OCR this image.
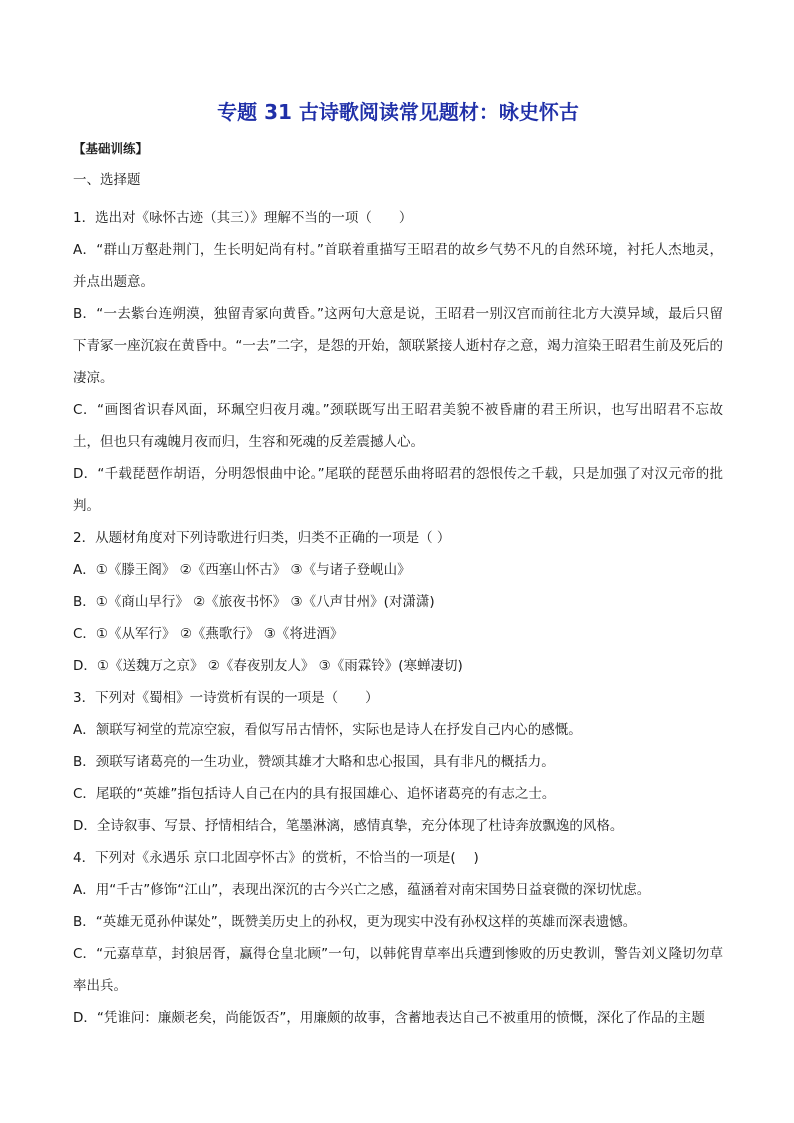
专题 31 古诗歌阅读常见题材：咏史怀古
【基础训练】
一、选择题

1．选出对《咏怀古迹（其三）》理解不当的一项（　　）

A．“群山万壑赴荆门，生长明妃尚有村。”首联着重描写王昭君的故乡气势不凡的自然环境，衬托人杰地灵，并点出题意。

B．“一去紫台连朔漠，独留青冢向黄昏。”这两句大意是说，王昭君一别汉宫而前往北方大漠异域，最后只留下青冢一座沉寂在黄昏中。“一去”二字，是怨的开始，颔联紧接人逝村存之意，竭力渲染王昭君生前及死后的凄凉。

C．“画图省识春风面，环珮空归夜月魂。”颈联既写出王昭君美貌不被昏庸的君王所识，也写出昭君不忘故土，但也只有魂魄月夜而归，生容和死魂的反差震撼人心。

D．“千载琵琶作胡语，分明怨恨曲中论。”尾联的琵琶乐曲将昭君的怨恨传之千载，只是加强了对汉元帝的批判。

2．从题材角度对下列诗歌进行归类，归类不正确的一项是（ ）

A．①《滕王阁》 ②《西塞山怀古》 ③《与诸子登岘山》

B．①《商山早行》 ②《旅夜书怀》 ③《八声甘州》(对潇潇)

C．①《从军行》 ②《燕歌行》 ③《将进酒》

D．①《送魏万之京》 ②《春夜别友人》 ③《雨霖铃》(寒蝉凄切)

3．下列对《蜀相》一诗赏析有误的一项是（　　）

A．颔联写祠堂的荒凉空寂，看似写吊古情怀，实际也是诗人在抒发自己内心的感慨。

B．颈联写诸葛亮的一生功业，赞颂其雄才大略和忠心报国，具有非凡的概括力。

C．尾联的“英雄”指包括诗人自己在内的具有报国雄心、追怀诸葛亮的有志之士。

D．全诗叙事、写景、抒情相结合，笔墨淋漓，感情真挚，充分体现了杜诗奔放飘逸的风格。

4．下列对《永遇乐 京口北固亭怀古》的赏析，不恰当的一项是(　 )

A．用“千古”修饰“江山”，表现出深沉的古今兴亡之感，蕴涵着对南宋国势日益衰微的深切忧虑。

B．“英雄无觅孙仲谋处”，既赞美历史上的孙权，更为现实中没有孙权这样的英雄而深表遗憾。

C．“元嘉草草，封狼居胥，赢得仓皇北顾”一句，以韩侂胄草率出兵遭到惨败的历史教训，警告刘义隆切勿草率出兵。

D．“凭谁问：廉颇老矣，尚能饭否”，用廉颇的故事，含蓄地表达自己不被重用的愤慨，深化了作品的主题
